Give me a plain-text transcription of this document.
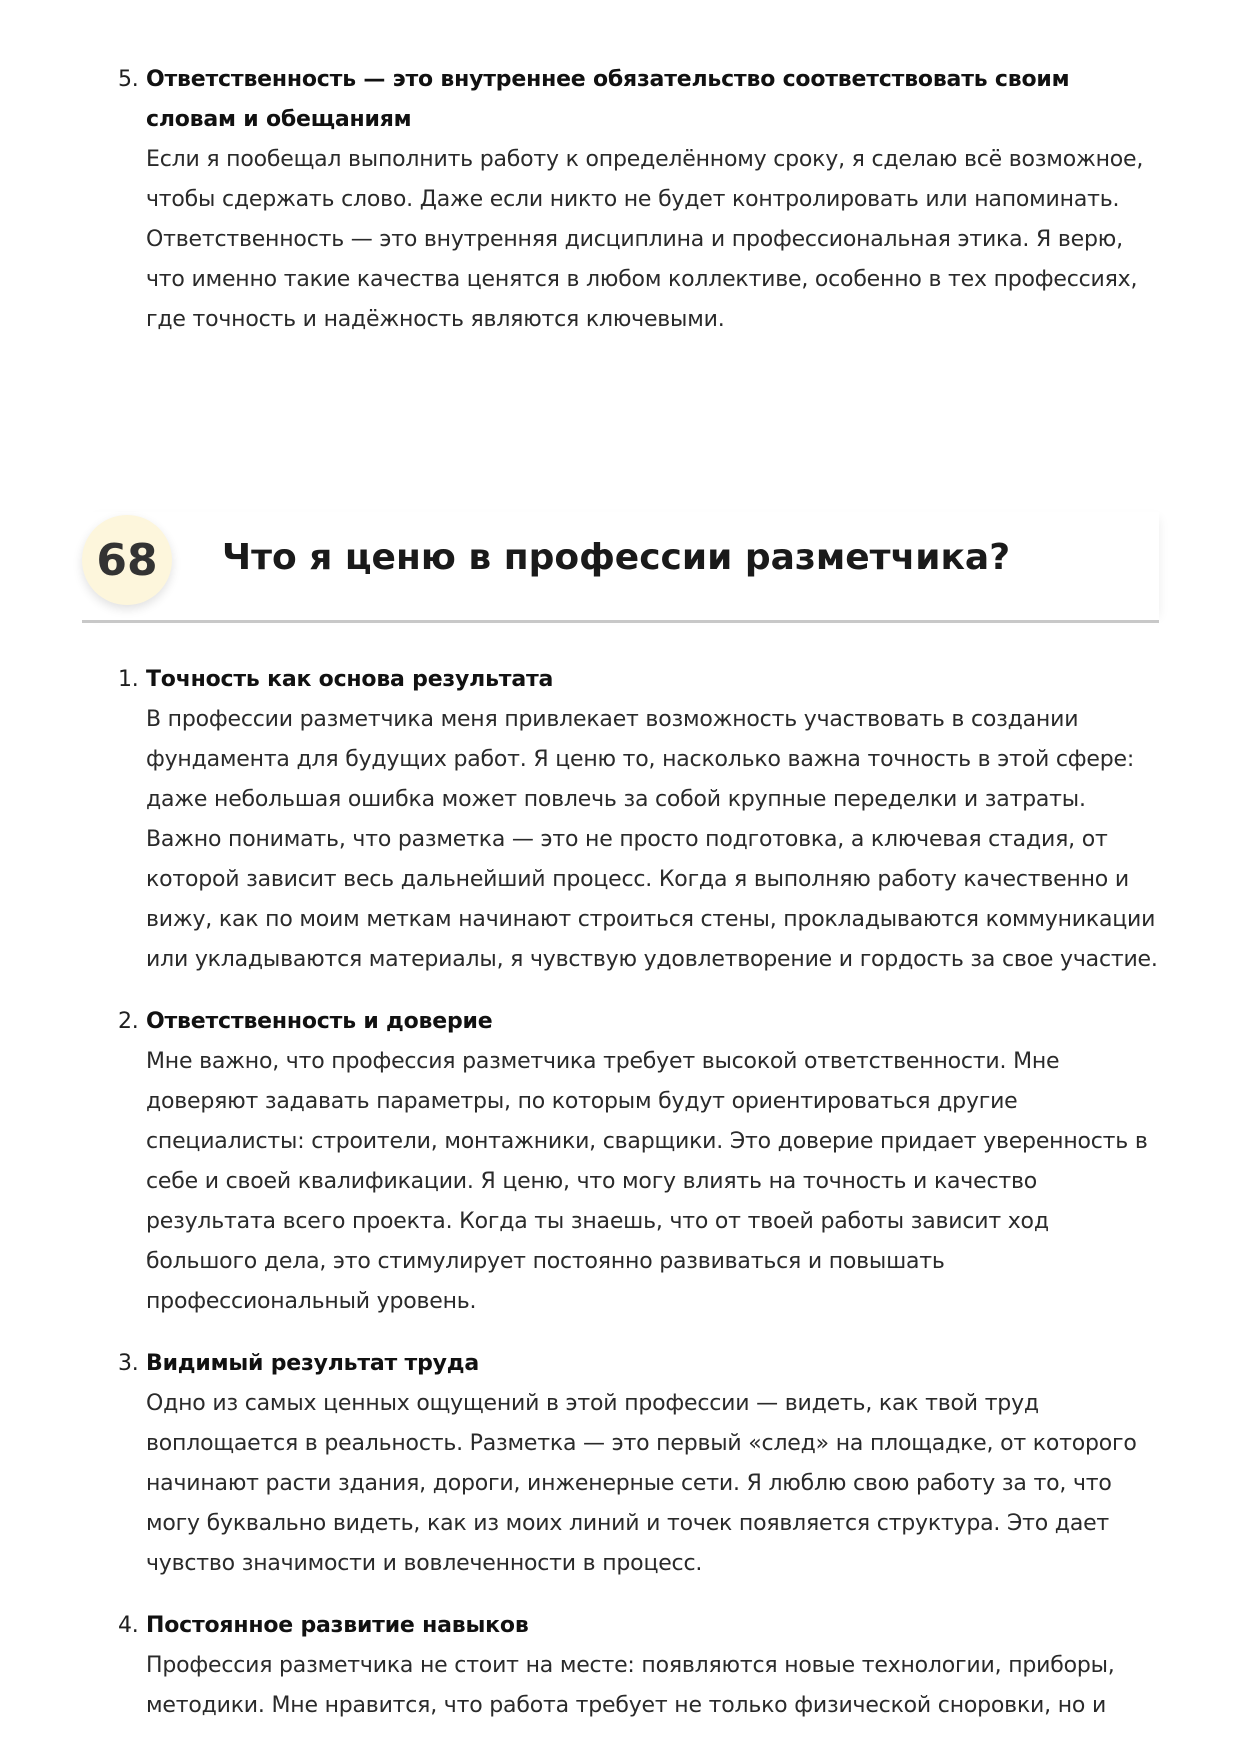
5. Ответственность — это внутреннее обязательство соответствовать своим словам и обещаниям
Если я пообещал выполнить работу к определённому сроку, я сделаю всё возможное, чтобы сдержать слово. Даже если никто не будет контролировать или напоминать. Ответственность — это внутренняя дисциплина и профессиональная этика. Я верю, что именно такие качества ценятся в любом коллективе, особенно в тех профессиях, где точность и надёжность являются ключевыми.
68	Что я ценю в профессии разметчика?
1. Точность как основа результата
В профессии разметчика меня привлекает возможность участвовать в создании фундамента для будущих работ. Я ценю то, насколько важна точность в этой сфере: даже небольшая ошибка может повлечь за собой крупные переделки и затраты. Важно понимать, что разметка — это не просто подготовка, а ключевая стадия, от которой зависит весь дальнейший процесс. Когда я выполняю работу качественно и вижу, как по моим меткам начинают строиться стены, прокладываются коммуникации или укладываются материалы, я чувствую удовлетворение и гордость за свое участие.
2. Ответственность и доверие
Мне важно, что профессия разметчика требует высокой ответственности. Мне доверяют задавать параметры, по которым будут ориентироваться другие специалисты: строители, монтажники, сварщики. Это доверие придает уверенность в себе и своей квалификации. Я ценю, что могу влиять на точность и качество результата всего проекта. Когда ты знаешь, что от твоей работы зависит ход большого дела, это стимулирует постоянно развиваться и повышать профессиональный уровень.
3. Видимый результат труда
Одно из самых ценных ощущений в этой профессии — видеть, как твой труд воплощается в реальность. Разметка — это первый «след» на площадке, от которого начинают расти здания, дороги, инженерные сети. Я люблю свою работу за то, что могу буквально видеть, как из моих линий и точек появляется структура. Это дает чувство значимости и вовлеченности в процесс.
4. Постоянное развитие навыков
Профессия разметчика не стоит на месте: появляются новые технологии, приборы, методики. Мне нравится, что работа требует не только физической сноровки, но и
